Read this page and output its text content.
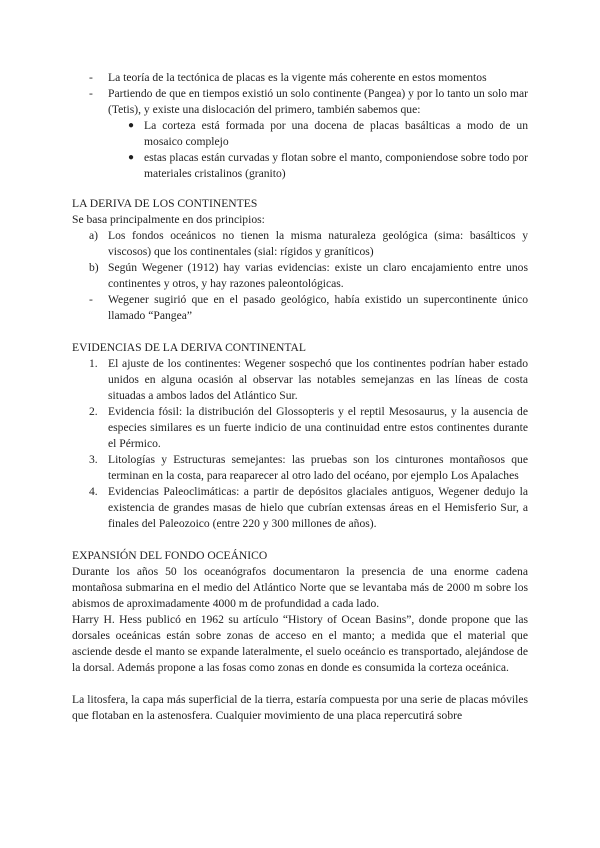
- La teoría de la tectónica de placas es la vigente más coherente en estos momentos
- Partiendo de que en tiempos existió un solo continente (Pangea) y por lo tanto un solo mar (Tetis), y existe una dislocación del primero, también sabemos que:
● La corteza está formada por una docena de placas basálticas a modo de un mosaico complejo
● estas placas están curvadas y flotan sobre el manto, componiendose sobre todo por materiales cristalinos (granito)

LA DERIVA DE LOS CONTINENTES

Se basa principalmente en dos principios:

a) Los fondos oceánicos no tienen la misma naturaleza geológica (sima: basálticos y viscosos) que los continentales (sial: rígidos y graníticos)
b) Según Wegener (1912) hay varias evidencias: existe un claro encajamiento entre unos continentes y otros, y hay razones paleontológicas.
- Wegener sugirió que en el pasado geológico, había existido un supercontinente único llamado “Pangea”

EVIDENCIAS DE LA DERIVA CONTINENTAL

1. El ajuste de los continentes: Wegener sospechó que los continentes podrían haber estado unidos en alguna ocasión al observar las notables semejanzas en las líneas de costa situadas a ambos lados del Atlántico Sur.
2. Evidencia fósil: la distribución del Glossopteris y el reptil Mesosaurus, y la ausencia de especies similares es un fuerte indicio de una continuidad entre estos continentes durante el Pérmico.
3. Litologías y Estructuras semejantes: las pruebas son los cinturones montañosos que terminan en la costa, para reaparecer al otro lado del océano, por ejemplo Los Apalaches
4. Evidencias Paleoclimáticas: a partir de depósitos glaciales antiguos, Wegener dedujo la existencia de grandes masas de hielo que cubrían extensas áreas en el Hemisferio Sur, a finales del Paleozoico (entre 220 y 300 millones de años).

EXPANSIÓN DEL FONDO OCEÁNICO

Durante los años 50 los oceanógrafos documentaron la presencia de una enorme cadena montañosa submarina en el medio del Atlántico Norte que se levantaba más de 2000 m sobre los abismos de aproximadamente 4000 m de profundidad a cada lado.

Harry H. Hess publicó en 1962 su artículo “History of Ocean Basins”, donde propone que las dorsales oceánicas están sobre zonas de acceso en el manto; a medida que el material que asciende desde el manto se expande lateralmente, el suelo oceáncio es transportado, alejándose de la dorsal. Además propone a las fosas como zonas en donde es consumida la corteza oceánica.

La litosfera, la capa más superficial de la tierra, estaría compuesta por una serie de placas móviles que flotaban en la astenosfera. Cualquier movimiento de una placa repercutirá sobre
